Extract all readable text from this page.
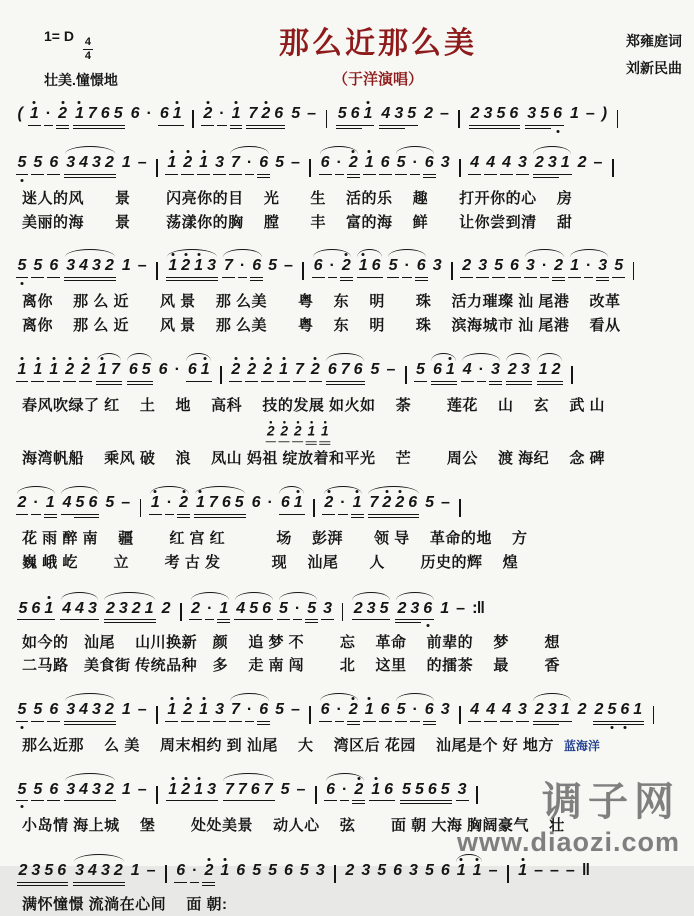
1= D
$\frac{4}{4}$
壮美.憧憬地
那么近那么美
（于洋演唱）
郑雍庭词
刘新民曲
( 1 · 2 1 7 6 5 6 · 6 1 2 · 1 7 2 6 5 – 5 6 1 4 3 5 2 – 2 3 5 6 3 5 6 1 – )
5 5 6 3 4 3 2 1 – 1 2 1 3 7 · 6 5 – 6 · 2 1 6 5 · 6 3 4 4 4 3 2 3 1 2 –
迷人的风　　景　　 闪亮你的目　 光　　生　 活的乐　 趣　　打开你的心　 房
美丽的海　　景　　 荡漾你的胸　 膛　　丰　 富的海　 鲜　　让你尝到清　 甜
5 5 6 3 4 3 2 1 – 1 2 1 3 7 · 6 5 – 6 · 2 1 6 5 · 6 3 2 3 5 6 3 · 2 1 · 3 5
离你　 那 么 近　　风 景　 那 么美　　粤　 东　 明　　珠　 活力璀璨 汕 尾港　 改革
离你　 那 么 近　　风 景　 那 么美　　粤　 东　 明　　珠　 滨海城市 汕 尾港　 看从
1 1 1 2 2 1 7 6 5 6 · 6 1 2 2 2 1 7 2 6 7 6 5 – 5 6 1 4 · 3 2 3 1 2
春风吹绿了 红　 土　 地　 高科　 技的发展 如火如　 荼　　 莲花　 山　 玄　 武 山
2 2 2 1 1
海湾帆船　 乘风 破　 浪　 凤山 妈祖 绽放着和平光　 芒　　 周公　 渡 海纪　 念 碑
2 · 1 4 5 6 5 – 1 · 2 1 7 6 5 6 · 6 1 2 · 1 7 2 2 6 5 –
花 雨 醉 南　 疆　　 红 宫 红　　　 场　 彭湃　　领 导　 革命的地　 方
巍 峨 屹　　 立　　 考 古 发　　　 现　 汕尾　　人　　 历史的辉　 煌
5 6 1 4 4 3 2 3 2 1 2 2 · 1 4 5 6 5 · 5 3 2 3 5 2 3 6 1 – :‖
如今的　汕尾　 山川换新　颜　 追 梦 不　　 忘　 革命　 前辈的　 梦　　 想
二马路　美食街 传统品种　多　 走 南 闯　　 北　 这里　 的擂茶　 最　　 香
5 5 6 3 4 3 2 1 – 1 2 1 3 7 · 6 5 – 6 · 2 1 6 5 · 6 3 4 4 4 3 2 3 1 2 2 5 6 1
那么近那　 么 美　 周末相约 到 汕尾　 大　 湾区后 花园　 汕尾是个 好 地方 蓝海洋
5 5 6 3 4 3 2 1 – 1 2 1 3 7 7 6 7 5 – 6 · 2 1 6 5 5 6 5 3
小岛情 海上城　 堡　　 处处美景　 动人心　 弦　　 面 朝 大海 胸阔豪气　 壮
2 3 5 6 3 4 3 2 1 – 6 · 2 1 6 5 5 6 5 3 2 3 5 6 3 5 6 1 1 – 1 – – – ‖
满怀憧憬 流淌在心间　 面 朝:
调子网
www.diaozi.com
